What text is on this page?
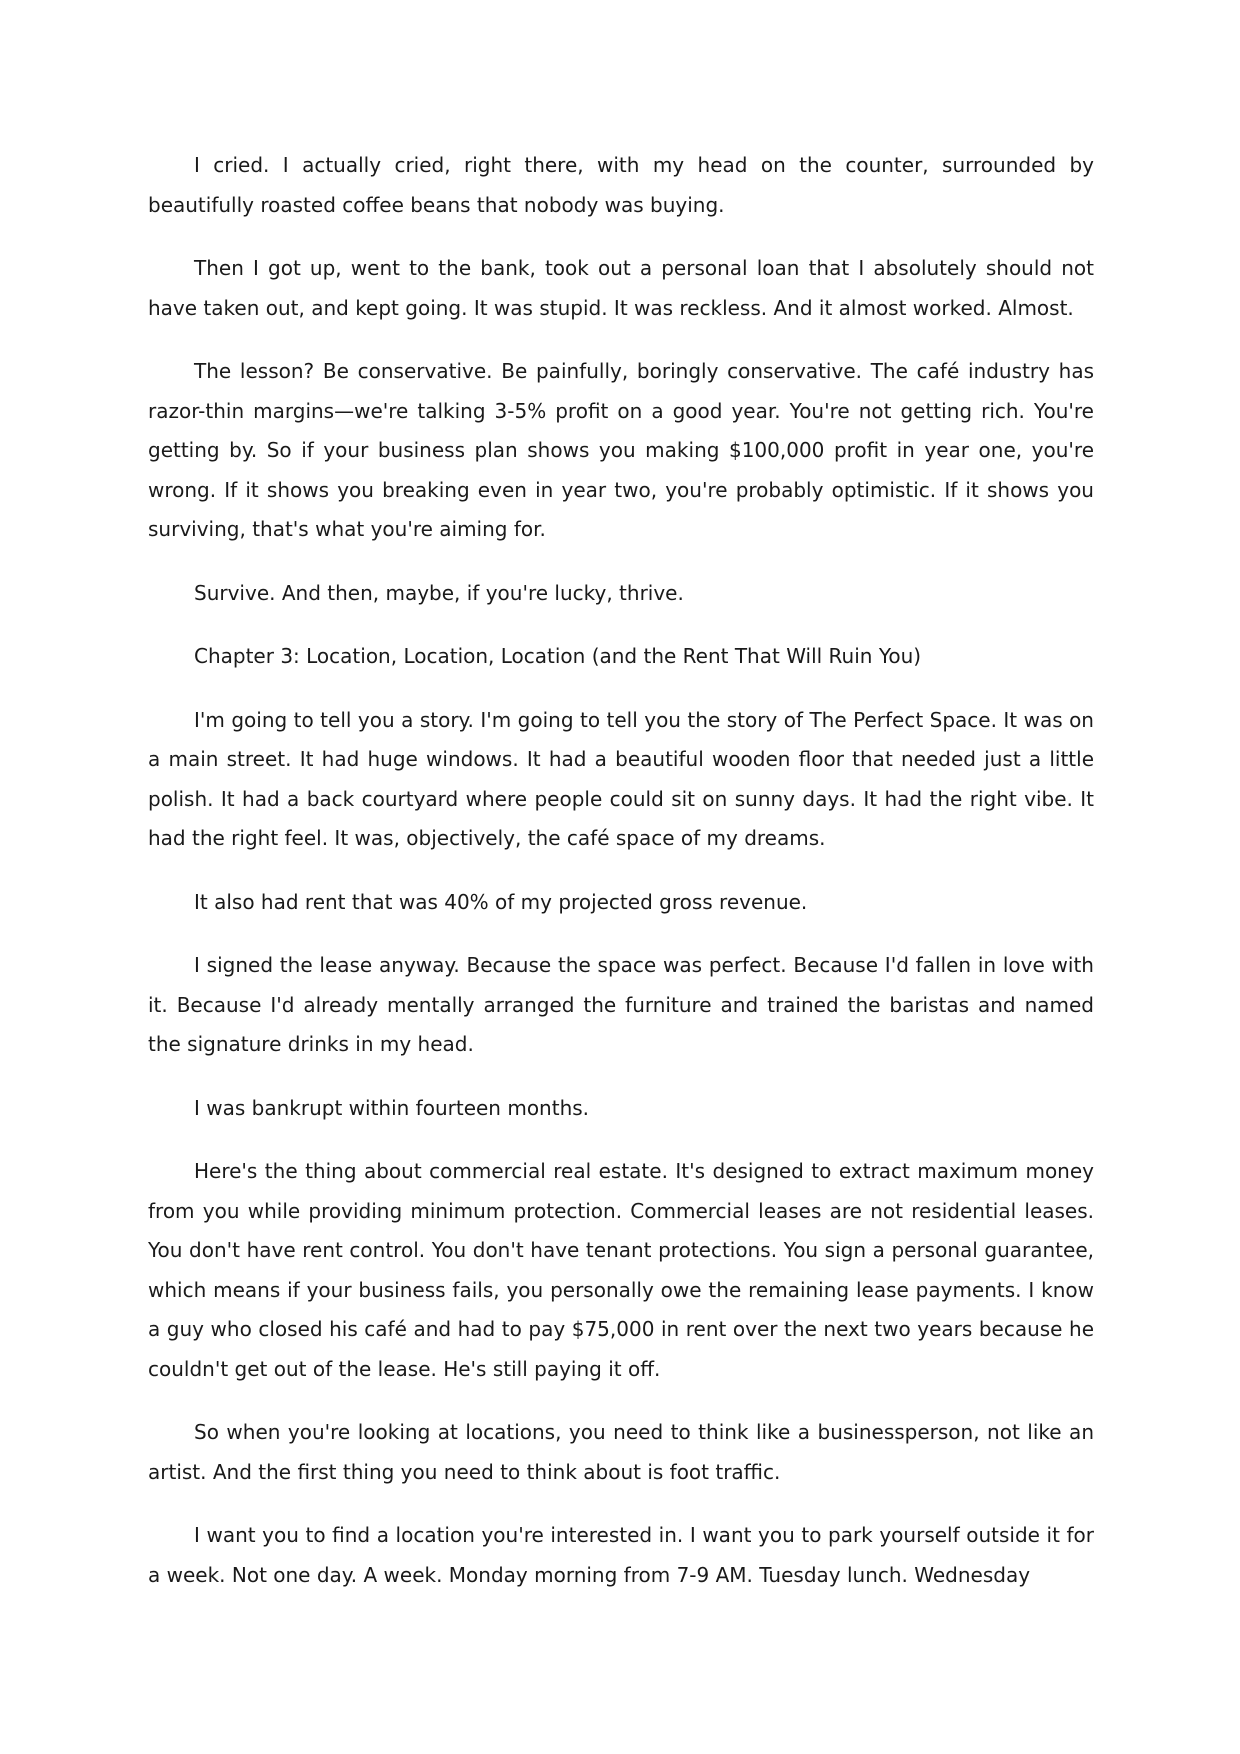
I cried. I actually cried, right there, with my head on the counter, surrounded by beautifully roasted coffee beans that nobody was buying.

Then I got up, went to the bank, took out a personal loan that I absolutely should not have taken out, and kept going. It was stupid. It was reckless. And it almost worked. Almost.

The lesson? Be conservative. Be painfully, boringly conservative. The café industry has razor-thin margins—we're talking 3-5% profit on a good year. You're not getting rich. You're getting by. So if your business plan shows you making $100,000 profit in year one, you're wrong. If it shows you breaking even in year two, you're probably optimistic. If it shows you surviving, that's what you're aiming for.

Survive. And then, maybe, if you're lucky, thrive.

Chapter 3: Location, Location, Location (and the Rent That Will Ruin You)

I'm going to tell you a story. I'm going to tell you the story of The Perfect Space. It was on a main street. It had huge windows. It had a beautiful wooden floor that needed just a little polish. It had a back courtyard where people could sit on sunny days. It had the right vibe. It had the right feel. It was, objectively, the café space of my dreams.

It also had rent that was 40% of my projected gross revenue.

I signed the lease anyway. Because the space was perfect. Because I'd fallen in love with it. Because I'd already mentally arranged the furniture and trained the baristas and named the signature drinks in my head.

I was bankrupt within fourteen months.

Here's the thing about commercial real estate. It's designed to extract maximum money from you while providing minimum protection. Commercial leases are not residential leases. You don't have rent control. You don't have tenant protections. You sign a personal guarantee, which means if your business fails, you personally owe the remaining lease payments. I know a guy who closed his café and had to pay $75,000 in rent over the next two years because he couldn't get out of the lease. He's still paying it off.

So when you're looking at locations, you need to think like a businessperson, not like an artist. And the first thing you need to think about is foot traffic.

I want you to find a location you're interested in. I want you to park yourself outside it for a week. Not one day. A week. Monday morning from 7-9 AM. Tuesday lunch. Wednesday
